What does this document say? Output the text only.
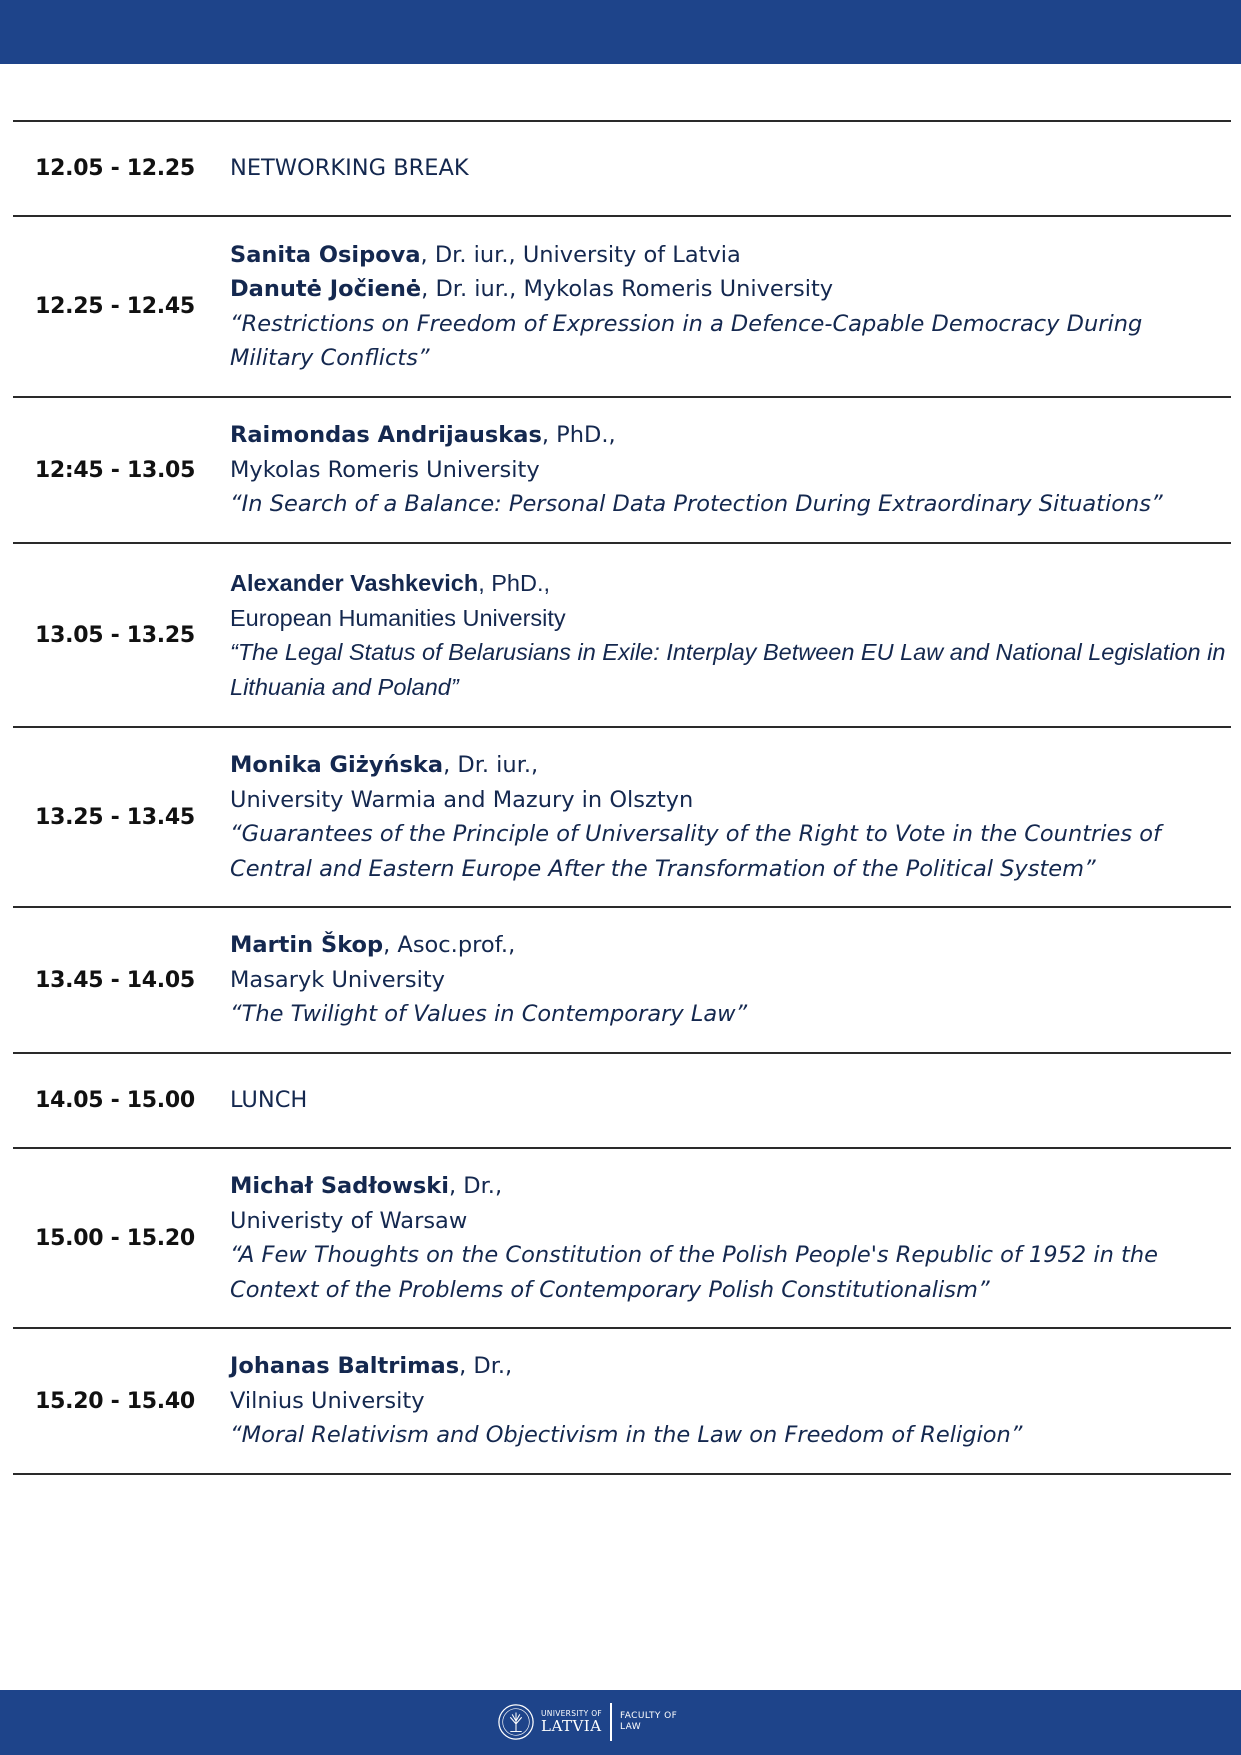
12.05 - 12.25	NETWORKING BREAK
12.25 - 12.45
Sanita Osipova, Dr. iur., University of Latvia
Danutė Jočienė, Dr. iur., Mykolas Romeris University
“Restrictions on Freedom of Expression in a Defence-Capable Democracy During Military Conflicts”
12:45 - 13.05
Raimondas Andrijauskas, PhD.,
Mykolas Romeris University
“In Search of a Balance: Personal Data Protection During Extraordinary Situations”
13.05 - 13.25
Alexander Vashkevich, PhD.,
European Humanities University
“The Legal Status of Belarusians in Exile: Interplay Between EU Law and National Legislation in Lithuania and Poland”
13.25 - 13.45
Monika Giżyńska, Dr. iur.,
University Warmia and Mazury in Olsztyn
“Guarantees of the Principle of Universality of the Right to Vote in the Countries of Central and Eastern Europe After the Transformation of the Political System”
13.45 - 14.05
Martin Škop, Asoc.prof.,
Masaryk University
“The Twilight of Values in Contemporary Law”
14.05 - 15.00	LUNCH
15.00 - 15.20
Michał Sadłowski, Dr.,
Univeristy of Warsaw
“A Few Thoughts on the Constitution of the Polish People's Republic of 1952 in the Context of the Problems of Contemporary Polish Constitutionalism”
15.20 - 15.40
Johanas Baltrimas, Dr.,
Vilnius University
“Moral Relativism and Objectivism in the Law on Freedom of Religion”
UNIVERSITY OF
LATVIA
FACULTY OF
LAW
